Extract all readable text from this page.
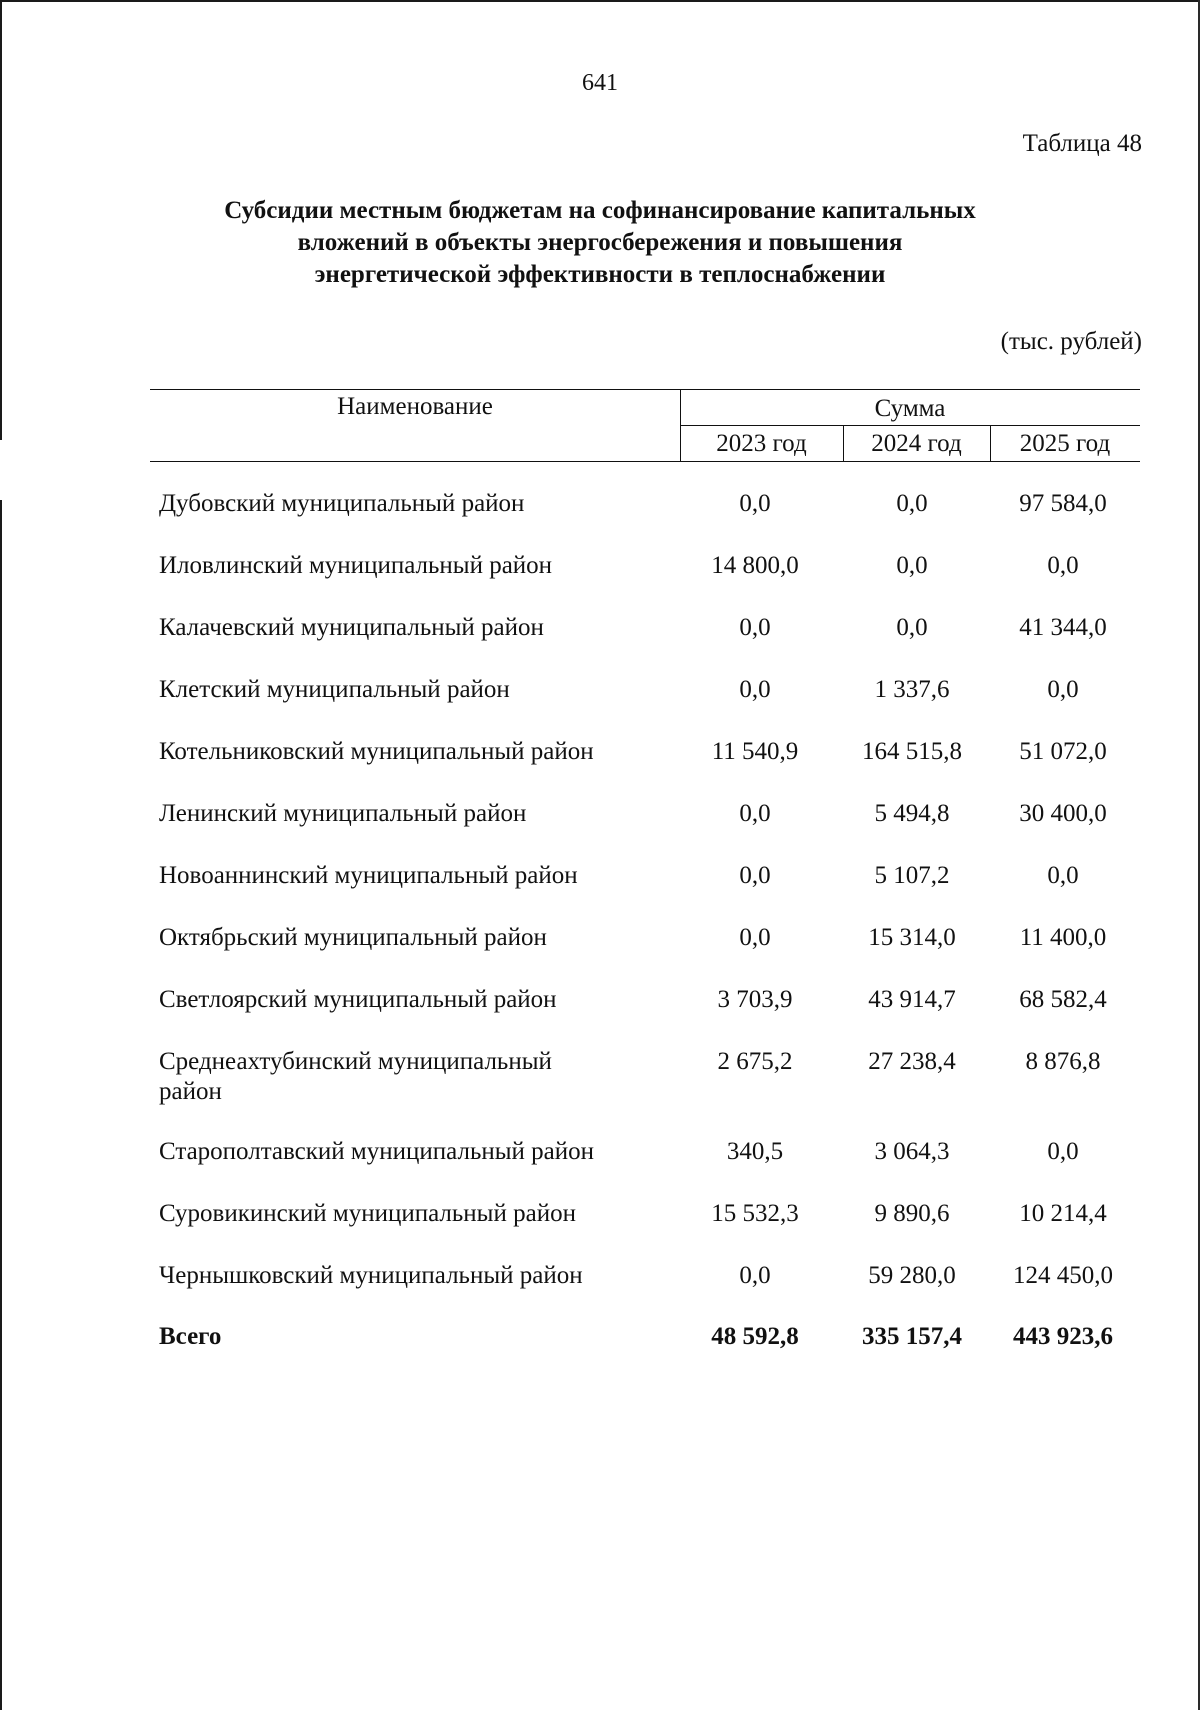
641
Таблица 48
Субсидии местным бюджетам на софинансирование капитальных
вложений в объекты энергосбережения и повышения
энергетической эффективности в теплоснабжении
(тыс. рублей)
Наименование	Сумма
2023 год	2024 год	2025 год
Дубовский муниципальный район	0,0	0,0	97 584,0
Иловлинский муниципальный район	14 800,0	0,0	0,0
Калачевский муниципальный район	0,0	0,0	41 344,0
Клетский муниципальный район	0,0	1 337,6	0,0
Котельниковский муниципальный район	11 540,9	164 515,8	51 072,0
Ленинский муниципальный район	0,0	5 494,8	30 400,0
Новоаннинский муниципальный район	0,0	5 107,2	0,0
Октябрьский муниципальный район	0,0	15 314,0	11 400,0
Светлоярский муниципальный район	3 703,9	43 914,7	68 582,4
Среднеахтубинский муниципальный
район
2 675,2	27 238,4	8 876,8
Старополтавский муниципальный район	340,5	3 064,3	0,0
Суровикинский муниципальный район	15 532,3	9 890,6	10 214,4
Чернышковский муниципальный район	0,0	59 280,0	124 450,0
Всего	48 592,8	335 157,4	443 923,6
